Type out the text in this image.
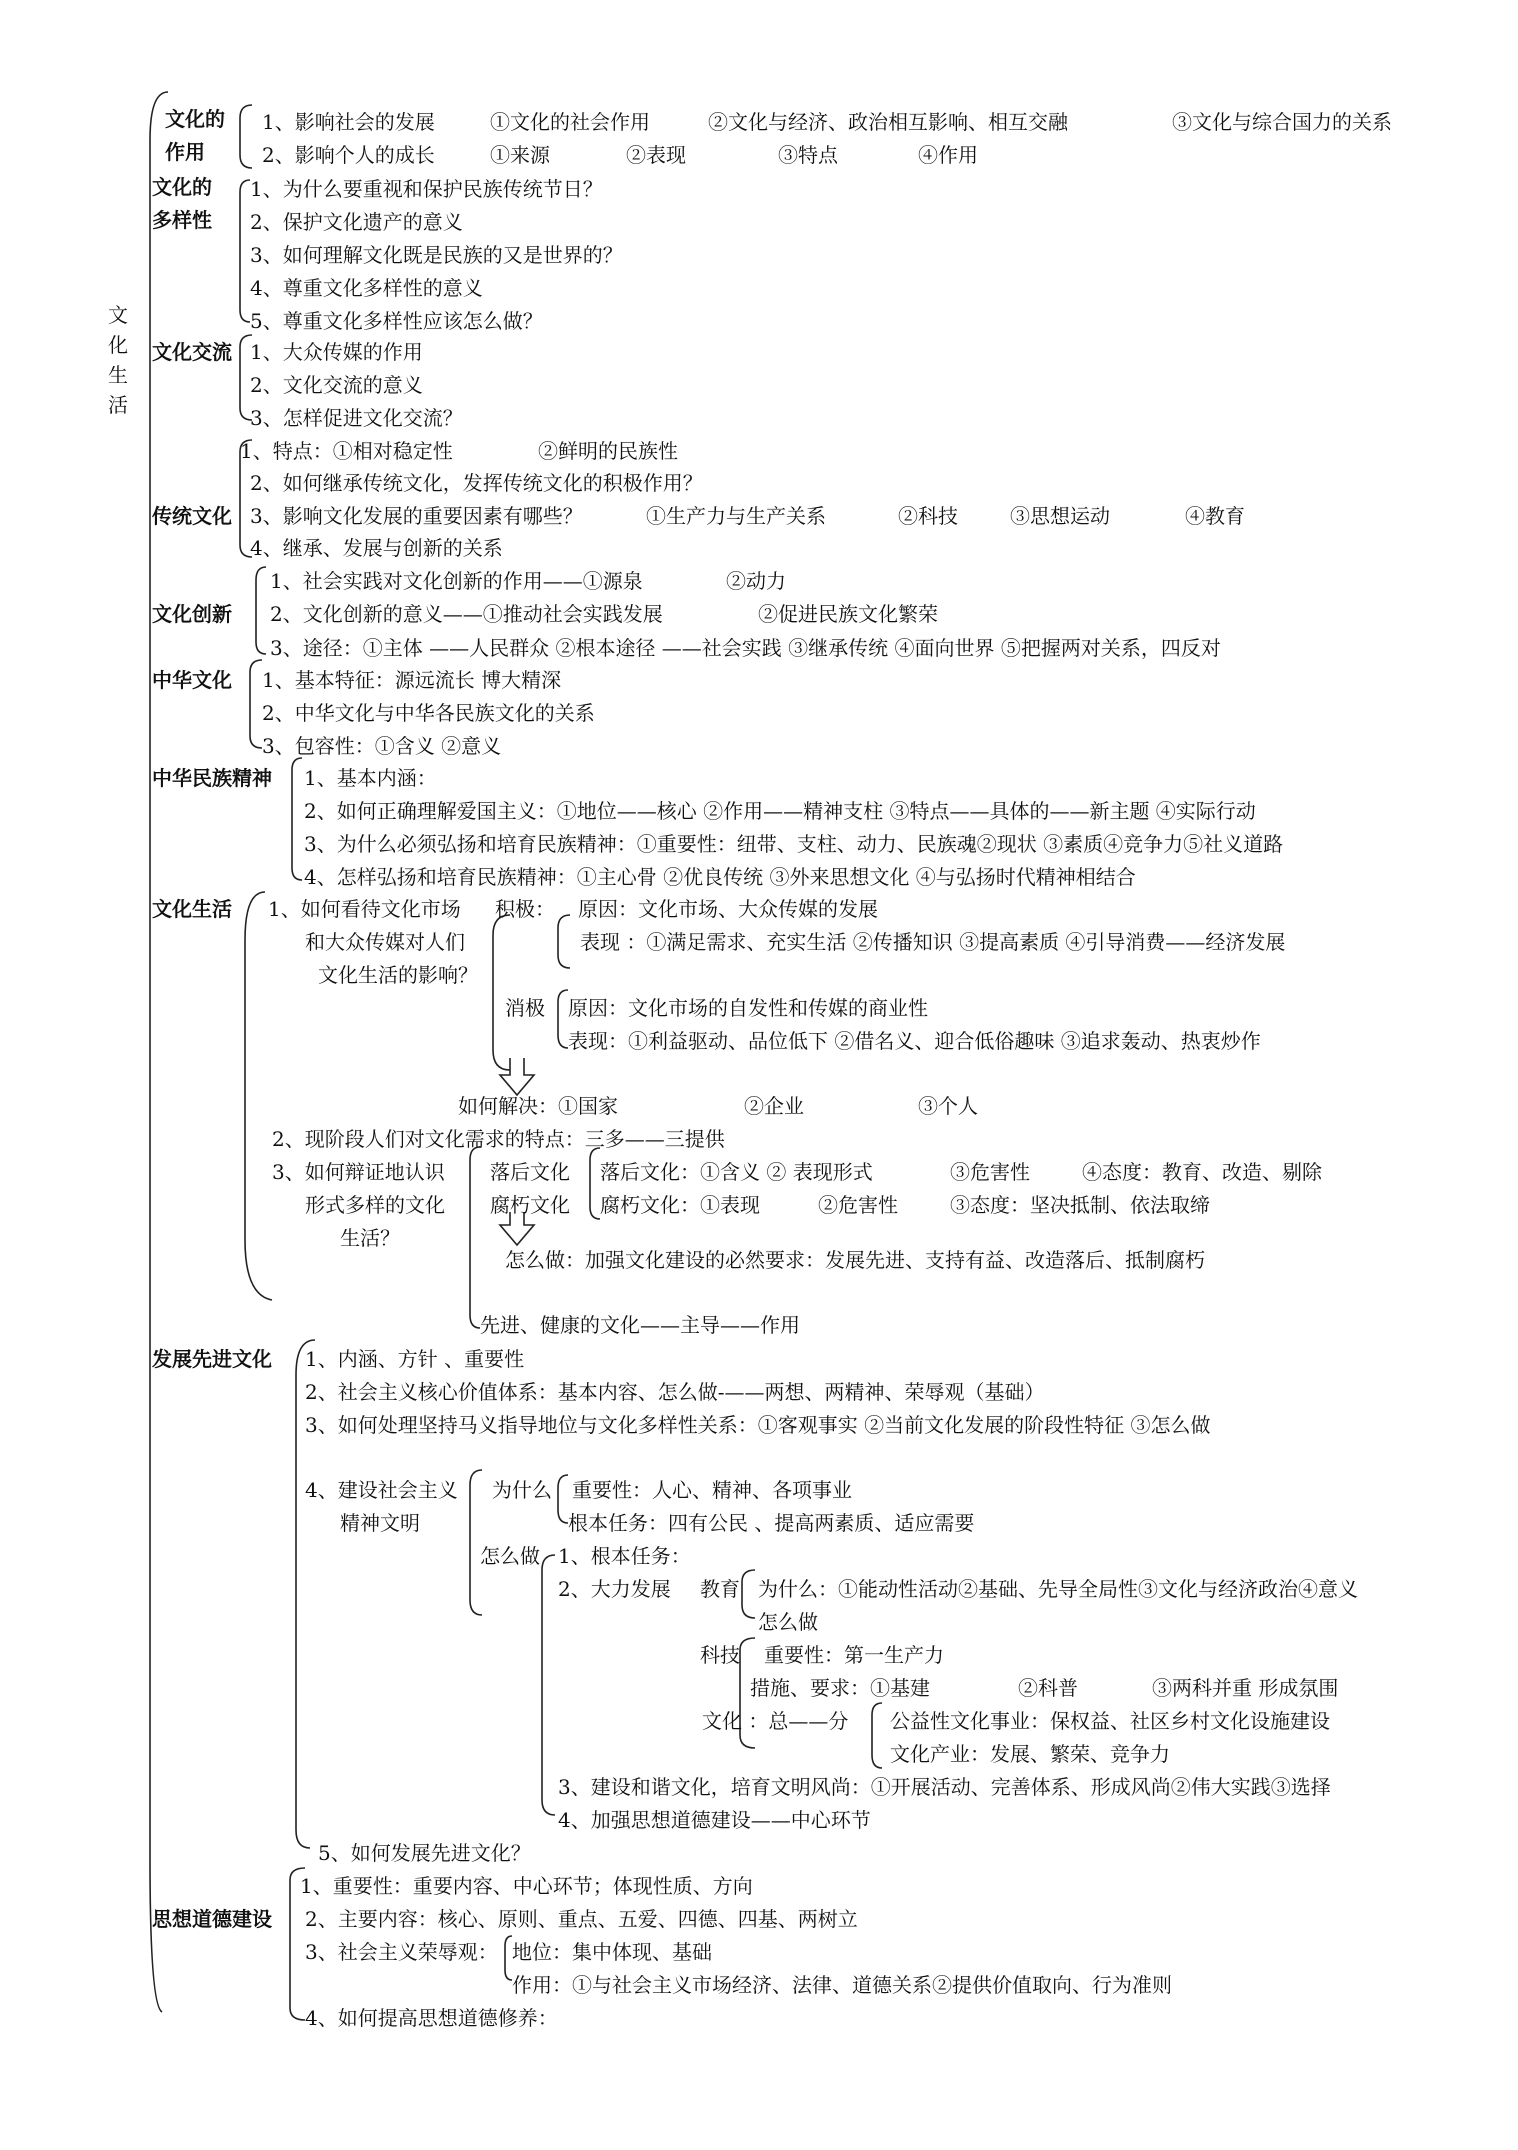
文
化
生
活
文化的
作用
1、影响社会的发展	①文化的社会作用	②文化与经济、政治相互影响、相互交融	③文化与综合国力的关系
2、影响个人的成长	①来源	②表现	③特点	④作用
文化的
多样性
1、为什么要重视和保护民族传统节日？
2、保护文化遗产的意义
3、如何理解文化既是民族的又是世界的？
4、尊重文化多样性的意义
5、尊重文化多样性应该怎么做？
文化交流 1、大众传媒的作用
2、文化交流的意义
3、怎样促进文化交流？
1、特点：①相对稳定性	②鲜明的民族性
2、如何继承传统文化，发挥传统文化的积极作用？
传统文化 3、影响文化发展的重要因素有哪些？	①生产力与生产关系	②科技	③思想运动	④教育
4、继承、发展与创新的关系
1、社会实践对文化创新的作用——①源泉	②动力
文化创新 2、文化创新的意义——①推动社会实践发展	②促进民族文化繁荣
3、途径：①主体 ——人民群众 ②根本途径 ——社会实践 ③继承传统 ④面向世界 ⑤把握两对关系，四反对
中华文化 1、基本特征：源远流长 博大精深
2、中华文化与中华各民族文化的关系
3、包容性：①含义 ②意义
中华民族精神 1、基本内涵：
2、如何正确理解爱国主义：①地位——核心 ②作用——精神支柱 ③特点——具体的——新主题 ④实际行动
3、为什么必须弘扬和培育民族精神：①重要性：纽带、支柱、动力、民族魂②现状 ③素质④竞争力⑤社义道路
4、怎样弘扬和培育民族精神：①主心骨 ②优良传统 ③外来思想文化 ④与弘扬时代精神相结合
文化生活 1、如何看待文化市场
和大众传媒对人们
文化生活的影响？
积极： 原因：文化市场、大众传媒的发展
表现 ：①满足需求、充实生活 ②传播知识 ③提高素质 ④引导消费——经济发展
消极 原因：文化市场的自发性和传媒的商业性
表现：①利益驱动、品位低下 ②借名义、迎合低俗趣味 ③追求轰动、热衷炒作
如何解决：①国家	②企业	③个人
2、现阶段人们对文化需求的特点：三多——三提供
3、如何辩证地认识
形式多样的文化
生活？
落后文化
腐朽文化
落后文化：①含义 ② 表现形式	③危害性	④态度：教育、改造、剔除
腐朽文化：①表现	②危害性	③态度：坚决抵制、依法取缔
怎么做：加强文化建设的必然要求：发展先进、支持有益、改造落后、抵制腐朽
先进、健康的文化——主导——作用
发展先进文化 1、内涵、方针 、重要性
2、社会主义核心价值体系：基本内容、怎么做-——两想、两精神、荣辱观（基础）
3、如何处理坚持马义指导地位与文化多样性关系：①客观事实 ②当前文化发展的阶段性特征 ③怎么做
4、建设社会主义
精神文明
为什么 重要性：人心、精神、各项事业
根本任务：四有公民 、提高两素质、适应需要
怎么做 1、根本任务：
2、大力发展 教育 为什么：①能动性活动②基础、先导全局性③文化与经济政治④意义
怎么做
科技 重要性：第一生产力
措施、要求：①基建	②科普	③两科并重 形成氛围
文化 ：总——分 公益性文化事业：保权益、社区乡村文化设施建设
文化产业：发展、繁荣、竞争力
3、建设和谐文化，培育文明风尚：①开展活动、完善体系、形成风尚②伟大实践③选择
4、加强思想道德建设——中心环节
5、如何发展先进文化？
1、重要性：重要内容、中心环节；体现性质、方向
思想道德建设 2、主要内容：核心、原则、重点、五爱、四德、四基、两树立
3、社会主义荣辱观： 地位：集中体现、基础
作用：①与社会主义市场经济、法律、道德关系②提供价值取向、行为准则
4、如何提高思想道德修养：
